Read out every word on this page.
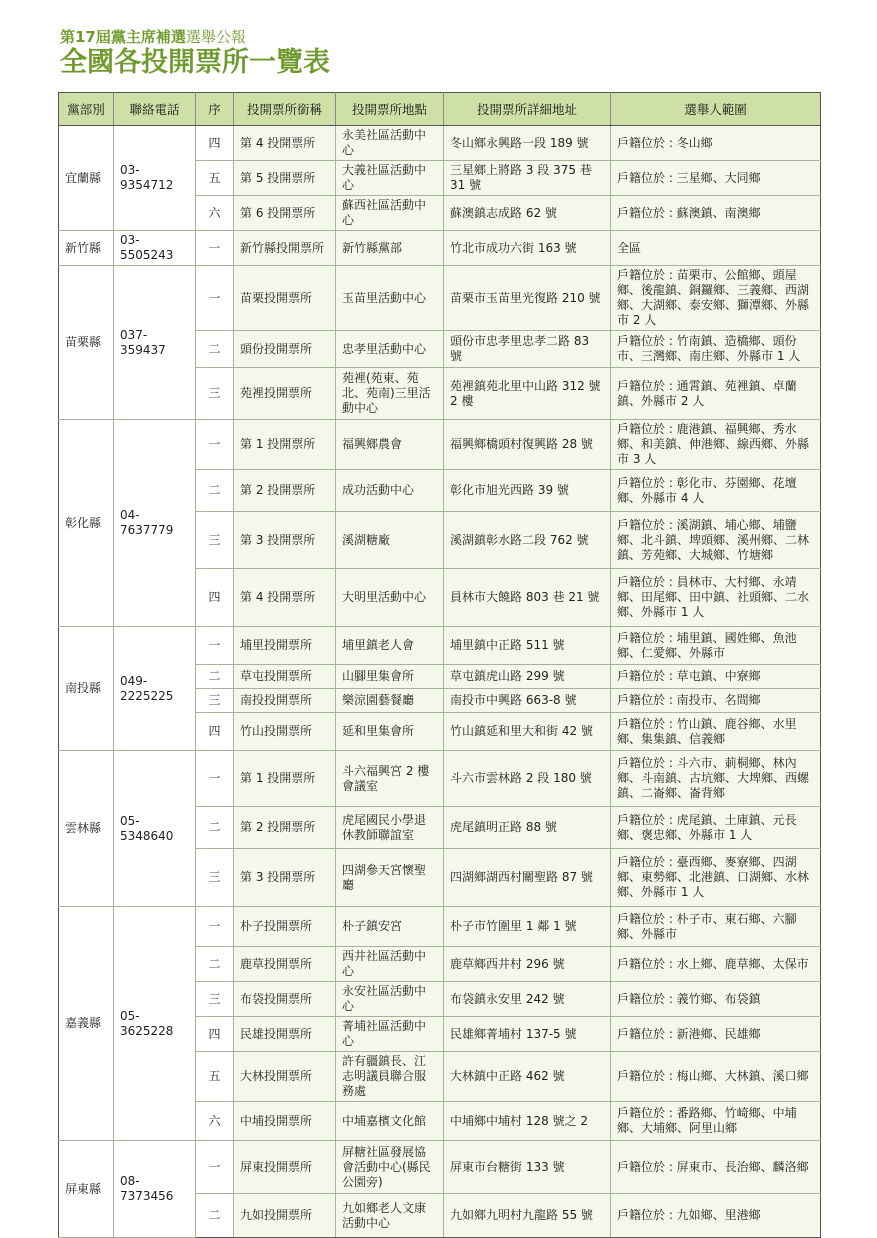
第17屆黨主席補選選舉公報
全國各投開票所一覽表
黨部別	聯絡電話	序	投開票所銜稱	投開票所地點	投開票所詳細地址	選舉人範圍
宜蘭縣	03-9354712	四	第 4 投開票所	永美社區活動中心	冬山鄉永興路一段 189 號	戶籍位於 : 冬山鄉
		五	第 5 投開票所	大義社區活動中心	三星鄉上將路 3 段 375 巷 31 號	戶籍位於 : 三星鄉、大同鄉
		六	第 6 投開票所	蘇西社區活動中心	蘇澳鎮志成路 62 號	戶籍位於 : 蘇澳鎮、南澳鄉
新竹縣	03-5505243	一	新竹縣投開票所	新竹縣黨部	竹北市成功六街 163 號	全區
苗栗縣	037-359437	一	苗栗投開票所	玉苗里活動中心	苗栗市玉苗里光復路 210 號	戶籍位於 : 苗栗市、公館鄉、頭屋鄉、後龍鎮、銅鑼鄉、三義鄉、西湖鄉、大湖鄉、泰安鄉、獅潭鄉、外縣市 2 人
		二	頭份投開票所	忠孝里活動中心	頭份市忠孝里忠孝二路 83 號	戶籍位於 : 竹南鎮、造橋鄉、頭份市、三灣鄉、南庄鄉、外縣市 1 人
		三	苑裡投開票所	苑裡(苑東、苑北、苑南)三里活動中心	苑裡鎮苑北里中山路 312 號 2 樓	戶籍位於 : 通霄鎮、苑裡鎮、卓蘭鎮、外縣市 2 人
彰化縣	04-7637779	一	第 1 投開票所	福興鄉農會	福興鄉橋頭村復興路 28 號	戶籍位於 : 鹿港鎮、福興鄉、秀水鄉、和美鎮、伸港鄉、線西鄉、外縣市 3 人
		二	第 2 投開票所	成功活動中心	彰化市旭光西路 39 號	戶籍位於 : 彰化市、芬園鄉、花壇鄉、外縣市 4 人
		三	第 3 投開票所	溪湖糖廠	溪湖鎮彰水路二段 762 號	戶籍位於 : 溪湖鎮、埔心鄉、埔鹽鄉、北斗鎮、埤頭鄉、溪州鄉、二林鎮、芳苑鄉、大城鄉、竹塘鄉
		四	第 4 投開票所	大明里活動中心	員林市大饒路 803 巷 21 號	戶籍位於 : 員林市、大村鄉、永靖鄉、田尾鄉、田中鎮、社頭鄉、二水鄉、外縣市 1 人
南投縣	049-2225225	一	埔里投開票所	埔里鎮老人會	埔里鎮中正路 511 號	戶籍位於 : 埔里鎮、國姓鄉、魚池鄉、仁愛鄉、外縣市
		二	草屯投開票所	山腳里集會所	草屯鎮虎山路 299 號	戶籍位於 : 草屯鎮、中寮鄉
		三	南投投開票所	樂涼園藝餐廳	南投市中興路 663-8 號	戶籍位於 : 南投市、名間鄉
		四	竹山投開票所	延和里集會所	竹山鎮延和里大和街 42 號	戶籍位於 : 竹山鎮、鹿谷鄉、水里鄉、集集鎮、信義鄉
雲林縣	05-5348640	一	第 1 投開票所	斗六福興宮 2 樓會議室	斗六市雲林路 2 段 180 號	戶籍位於 : 斗六市、莿桐鄉、林內鄉、斗南鎮、古坑鄉、大埤鄉、西螺鎮、二崙鄉、崙背鄉
		二	第 2 投開票所	虎尾國民小學退休教師聯誼室	虎尾鎮明正路 88 號	戶籍位於 : 虎尾鎮、土庫鎮、元長鄉、褒忠鄉、外縣市 1 人
		三	第 3 投開票所	四湖參天宮懷聖廳	四湖鄉湖西村關聖路 87 號	戶籍位於 : 臺西鄉、麥寮鄉、四湖鄉、東勢鄉、北港鎮、口湖鄉、水林鄉、外縣市 1 人
嘉義縣	05-3625228	一	朴子投開票所	朴子鎮安宮	朴子市竹圍里 1 鄰 1 號	戶籍位於 : 朴子市、東石鄉、六腳鄉、外縣市
		二	鹿草投開票所	西井社區活動中心	鹿草鄉西井村 296 號	戶籍位於 : 水上鄉、鹿草鄉、太保市
		三	布袋投開票所	永安社區活動中心	布袋鎮永安里 242 號	戶籍位於 : 義竹鄉、布袋鎮
		四	民雄投開票所	菁埔社區活動中心	民雄鄉菁埔村 137-5 號	戶籍位於 : 新港鄉、民雄鄉
		五	大林投開票所	許有疆鎮長、江志明議員聯合服務處	大林鎮中正路 462 號	戶籍位於 : 梅山鄉、大林鎮、溪口鄉
		六	中埔投開票所	中埔嘉檳文化館	中埔鄉中埔村 128 號之 2	戶籍位於 : 番路鄉、竹崎鄉、中埔鄉、大埔鄉、阿里山鄉
屏東縣	08-7373456	一	屏東投開票所	屏糖社區發展協會活動中心(縣民公園旁)	屏東市台糖街 133 號	戶籍位於 : 屏東市、長治鄉、麟洛鄉
		二	九如投開票所	九如鄉老人文康活動中心	九如鄉九明村九龍路 55 號	戶籍位於 : 九如鄉、里港鄉
